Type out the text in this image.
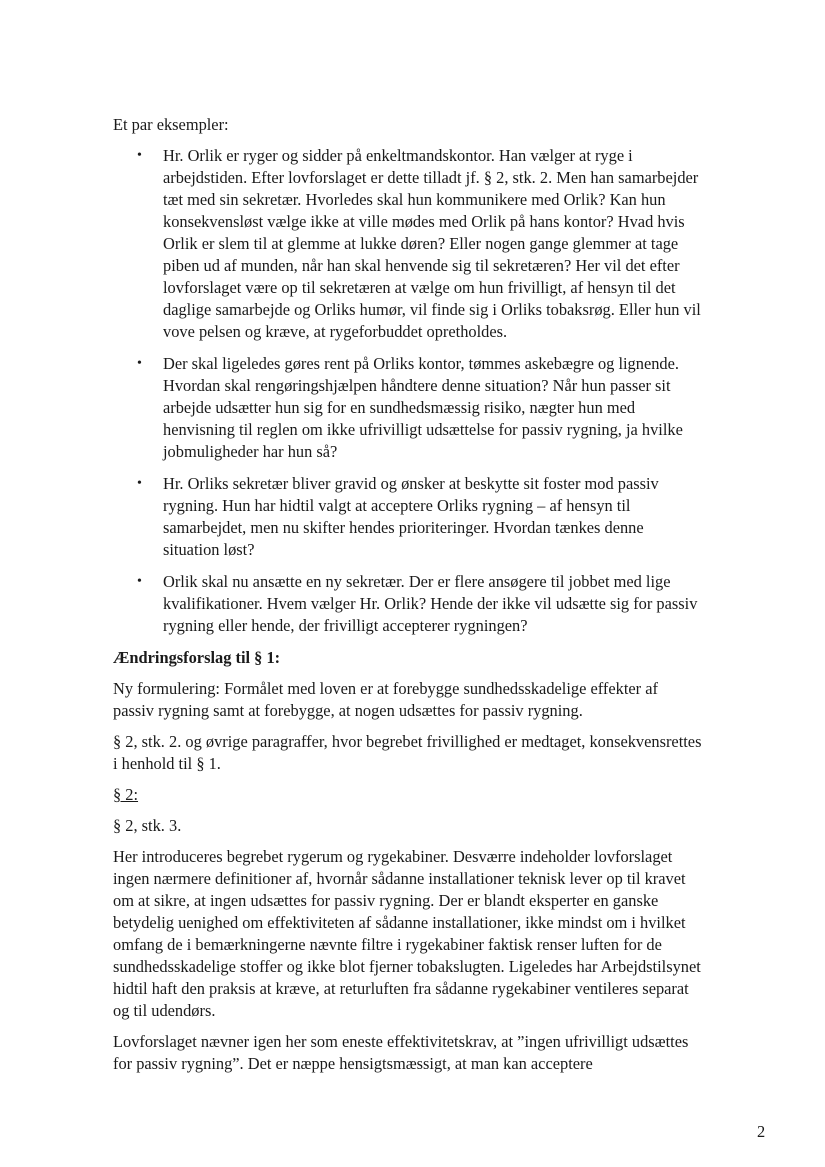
Et par eksempler:

• Hr. Orlik er ryger og sidder på enkeltmandskontor. Han vælger at ryge i arbejdstiden. Efter lovforslaget er dette tilladt jf. § 2, stk. 2. Men han samarbejder tæt med sin sekretær. Hvorledes skal hun kommunikere med Orlik? Kan hun konsekvensløst vælge ikke at ville mødes med Orlik på hans kontor? Hvad hvis Orlik er slem til at glemme at lukke døren? Eller nogen gange glemmer at tage piben ud af munden, når han skal henvende sig til sekretæren? Her vil det efter lovforslaget være op til sekretæren at vælge om hun frivilligt, af hensyn til det daglige samarbejde og Orliks humør, vil finde sig i Orliks tobaksrøg. Eller hun vil vove pelsen og kræve, at rygeforbuddet opretholdes.
• Der skal ligeledes gøres rent på Orliks kontor, tømmes askebægre og lignende. Hvordan skal rengøringshjælpen håndtere denne situation? Når hun passer sit arbejde udsætter hun sig for en sundhedsmæssig risiko, nægter hun med henvisning til reglen om ikke ufrivilligt udsættelse for passiv rygning, ja hvilke jobmuligheder har hun så?
• Hr. Orliks sekretær bliver gravid og ønsker at beskytte sit foster mod passiv rygning. Hun har hidtil valgt at acceptere Orliks rygning – af hensyn til samarbejdet, men nu skifter hendes prioriteringer. Hvordan tænkes denne situation løst?
• Orlik skal nu ansætte en ny sekretær. Der er flere ansøgere til jobbet med lige kvalifikationer. Hvem vælger Hr. Orlik? Hende der ikke vil udsætte sig for passiv rygning eller hende, der frivilligt accepterer rygningen?

Ændringsforslag til § 1:

Ny formulering: Formålet med loven er at forebygge sundhedsskadelige effekter af passiv rygning samt at forebygge, at nogen udsættes for passiv rygning.

§ 2, stk. 2. og øvrige paragraffer, hvor begrebet frivillighed er medtaget, konsekvensrettes i henhold til § 1.

§ 2:

§ 2, stk. 3.

Her introduceres begrebet rygerum og rygekabiner. Desværre indeholder lovforslaget ingen nærmere definitioner af, hvornår sådanne installationer teknisk lever op til kravet om at sikre, at ingen udsættes for passiv rygning. Der er blandt eksperter en ganske betydelig uenighed om effektiviteten af sådanne installationer, ikke mindst om i hvilket omfang de i bemærkningerne nævnte filtre i rygekabiner faktisk renser luften for de sundhedsskadelige stoffer og ikke blot fjerner tobakslugten. Ligeledes har Arbejdstilsynet hidtil haft den praksis at kræve, at returluften fra sådanne rygekabiner ventileres separat og til udendørs.

Lovforslaget nævner igen her som eneste effektivitetskrav, at ”ingen ufrivilligt udsættes for passiv rygning”. Det er næppe hensigtsmæssigt, at man kan acceptere

2
